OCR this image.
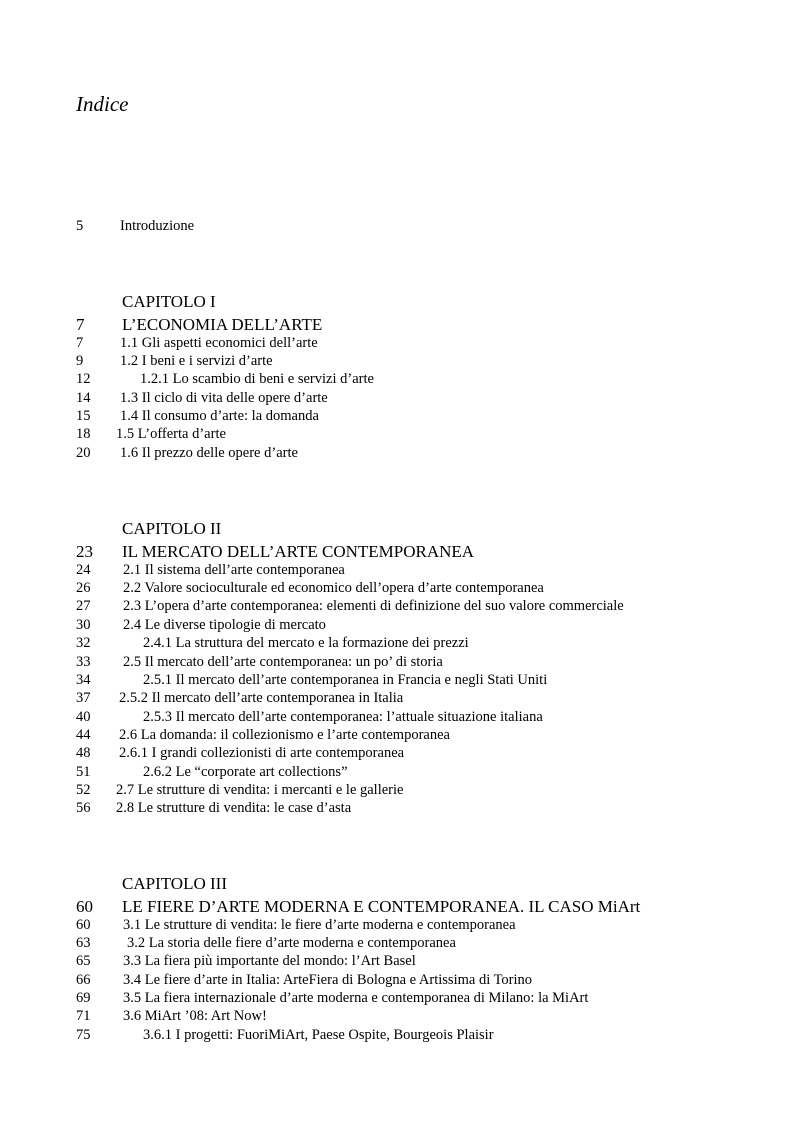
Indice
5	Introduzione
CAPITOLO I
7 L’ECONOMIA DELL’ARTE
7	1.1 Gli aspetti economici dell’arte
9	1.2 I beni e i servizi d’arte
12	1.2.1 Lo scambio di beni e servizi d’arte
14 1.3 Il ciclo di vita delle opere d’arte
15 1.4 Il consumo d’arte: la domanda
18 1.5 L’offerta d’arte
20 1.6 Il prezzo delle opere d’arte
CAPITOLO II
23 IL MERCATO DELL’ARTE CONTEMPORANEA
24 2.1 Il sistema dell’arte contemporanea
26 2.2 Valore socioculturale ed economico dell’opera d’arte contemporanea
27 2.3 L’opera d’arte contemporanea: elementi di definizione del suo valore commerciale
30 2.4 Le diverse tipologie di mercato
32	2.4.1 La struttura del mercato e la formazione dei prezzi
33 2.5 Il mercato dell’arte contemporanea: un po’ di storia
34	2.5.1 Il mercato dell’arte contemporanea in Francia e negli Stati Uniti
37 2.5.2 Il mercato dell’arte contemporanea in Italia
40	2.5.3 Il mercato dell’arte contemporanea: l’attuale situazione italiana
44 2.6 La domanda: il collezionismo e l’arte contemporanea
48 2.6.1 I grandi collezionisti di arte contemporanea
51	2.6.2 Le “corporate art collections”
52 2.7 Le strutture di vendita: i mercanti e le gallerie
56 2.8 Le strutture di vendita: le case d’asta
CAPITOLO III
60 LE FIERE D’ARTE MODERNA E CONTEMPORANEA. IL CASO MiArt
60 3.1 Le strutture di vendita: le fiere d’arte moderna e contemporanea
63	3.2 La storia delle fiere d’arte moderna e contemporanea
65 3.3 La fiera più importante del mondo: l’Art Basel
66 3.4 Le fiere d’arte in Italia: ArteFiera di Bologna e Artissima di Torino
69 3.5 La fiera internazionale d’arte moderna e contemporanea di Milano: la MiArt
71 3.6 MiArt ’08: Art Now!
75	3.6.1 I progetti: FuoriMiArt, Paese Ospite, Bourgeois Plaisir
